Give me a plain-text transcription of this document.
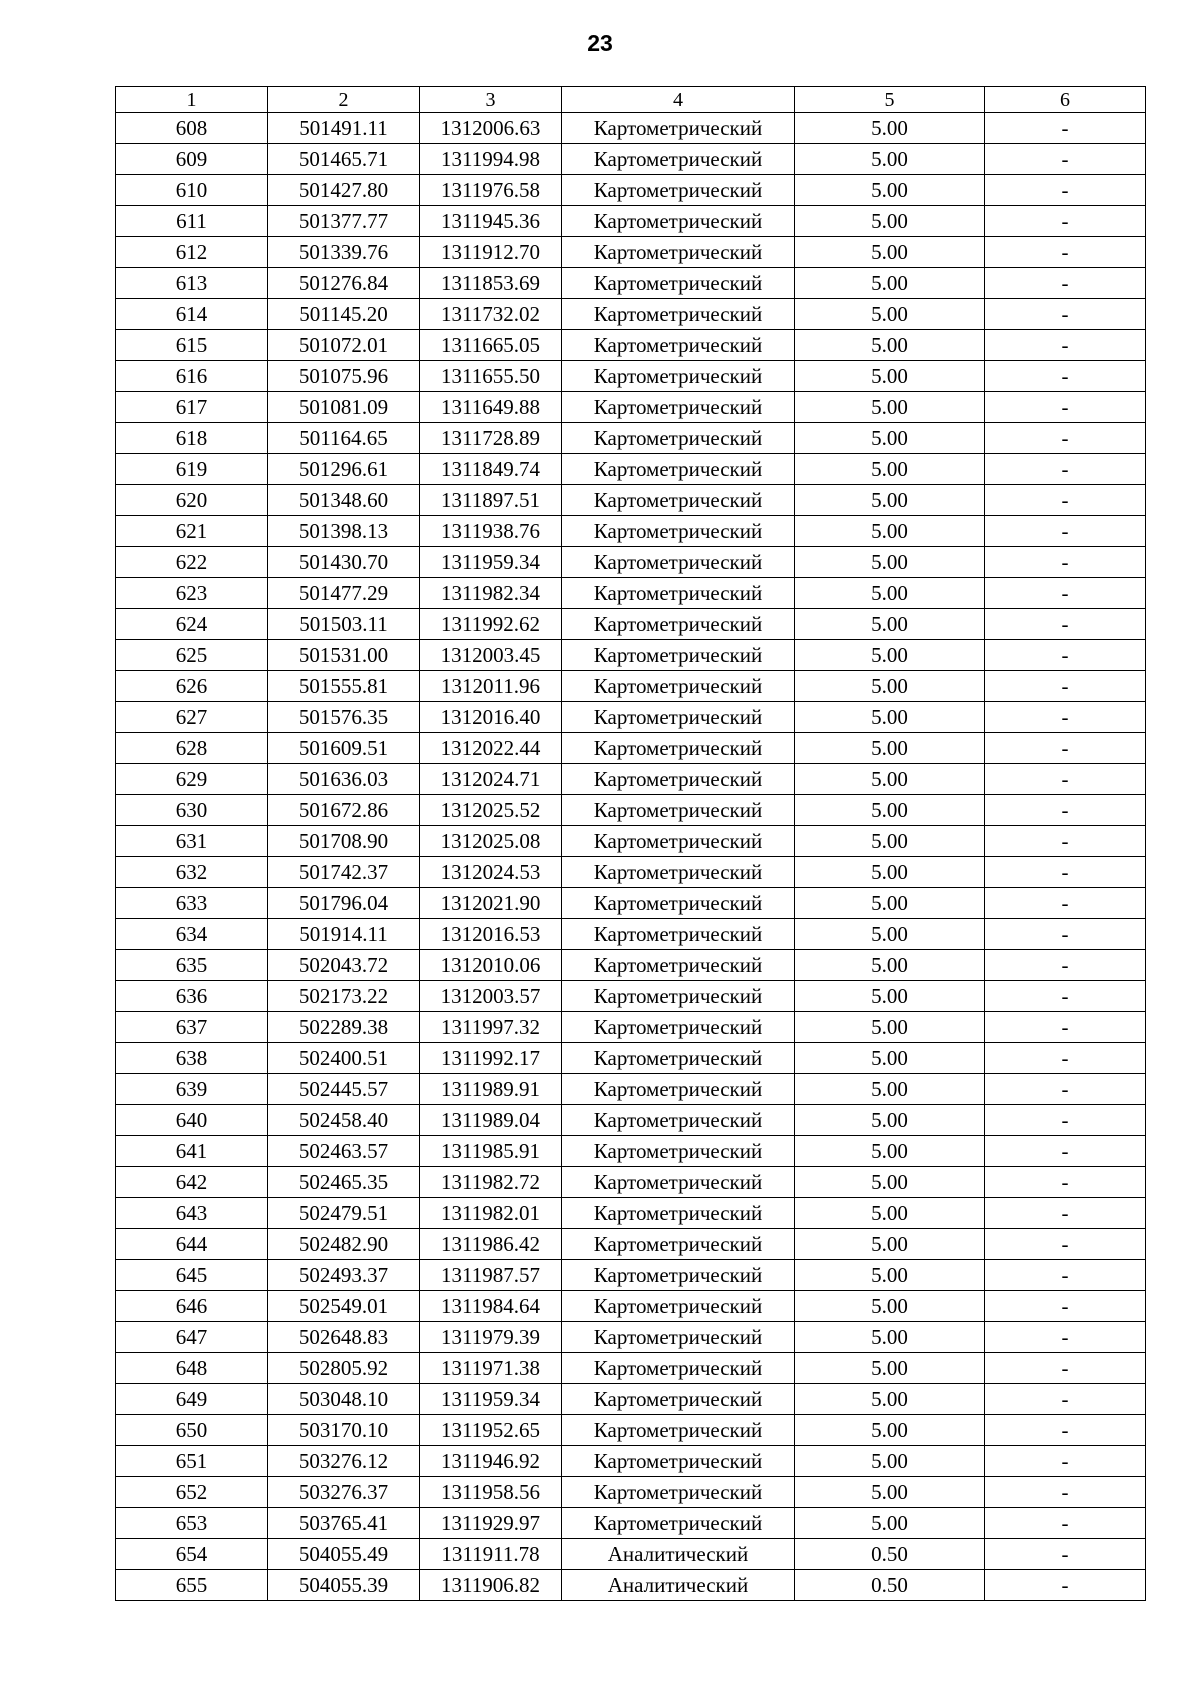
23
1	2	3	4	5	6
608	501491.11	1312006.63	Картометрический	5.00	-
609	501465.71	1311994.98	Картометрический	5.00	-
610	501427.80	1311976.58	Картометрический	5.00	-
611	501377.77	1311945.36	Картометрический	5.00	-
612	501339.76	1311912.70	Картометрический	5.00	-
613	501276.84	1311853.69	Картометрический	5.00	-
614	501145.20	1311732.02	Картометрический	5.00	-
615	501072.01	1311665.05	Картометрический	5.00	-
616	501075.96	1311655.50	Картометрический	5.00	-
617	501081.09	1311649.88	Картометрический	5.00	-
618	501164.65	1311728.89	Картометрический	5.00	-
619	501296.61	1311849.74	Картометрический	5.00	-
620	501348.60	1311897.51	Картометрический	5.00	-
621	501398.13	1311938.76	Картометрический	5.00	-
622	501430.70	1311959.34	Картометрический	5.00	-
623	501477.29	1311982.34	Картометрический	5.00	-
624	501503.11	1311992.62	Картометрический	5.00	-
625	501531.00	1312003.45	Картометрический	5.00	-
626	501555.81	1312011.96	Картометрический	5.00	-
627	501576.35	1312016.40	Картометрический	5.00	-
628	501609.51	1312022.44	Картометрический	5.00	-
629	501636.03	1312024.71	Картометрический	5.00	-
630	501672.86	1312025.52	Картометрический	5.00	-
631	501708.90	1312025.08	Картометрический	5.00	-
632	501742.37	1312024.53	Картометрический	5.00	-
633	501796.04	1312021.90	Картометрический	5.00	-
634	501914.11	1312016.53	Картометрический	5.00	-
635	502043.72	1312010.06	Картометрический	5.00	-
636	502173.22	1312003.57	Картометрический	5.00	-
637	502289.38	1311997.32	Картометрический	5.00	-
638	502400.51	1311992.17	Картометрический	5.00	-
639	502445.57	1311989.91	Картометрический	5.00	-
640	502458.40	1311989.04	Картометрический	5.00	-
641	502463.57	1311985.91	Картометрический	5.00	-
642	502465.35	1311982.72	Картометрический	5.00	-
643	502479.51	1311982.01	Картометрический	5.00	-
644	502482.90	1311986.42	Картометрический	5.00	-
645	502493.37	1311987.57	Картометрический	5.00	-
646	502549.01	1311984.64	Картометрический	5.00	-
647	502648.83	1311979.39	Картометрический	5.00	-
648	502805.92	1311971.38	Картометрический	5.00	-
649	503048.10	1311959.34	Картометрический	5.00	-
650	503170.10	1311952.65	Картометрический	5.00	-
651	503276.12	1311946.92	Картометрический	5.00	-
652	503276.37	1311958.56	Картометрический	5.00	-
653	503765.41	1311929.97	Картометрический	5.00	-
654	504055.49	1311911.78	Аналитический	0.50	-
655	504055.39	1311906.82	Аналитический	0.50	-
